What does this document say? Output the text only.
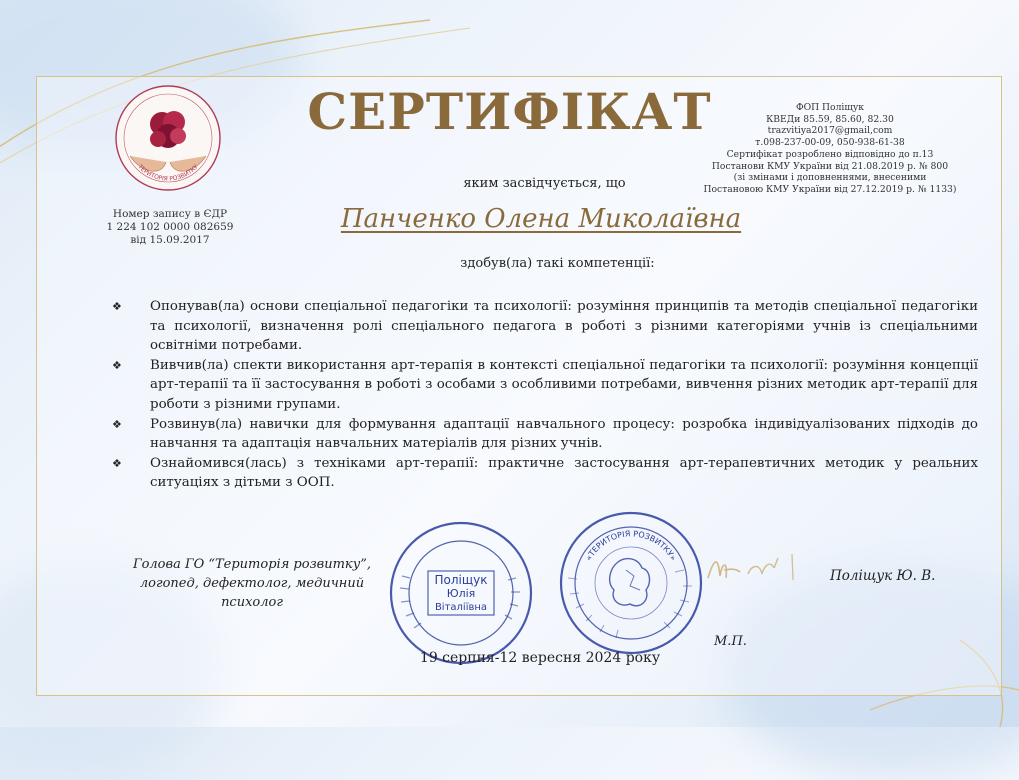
ТЕРИТОРІЯ РОЗВИТКУ
СЕРТИФІКАТ
Номер запису в ЄДР
1 224 102 0000 082659
від 15.09.2017
ФОП Поліщук
КВЕДи 85.59, 85.60, 82.30
trazvitiya2017@gmail,com
т.098-237-00-09, 050-938-61-38
Сертифікат розроблено відповідно до п.13
Постанови КМУ України від 21.08.2019 р. № 800
(зі змінами і доповненнями, внесеними
Постановою КМУ України від 27.12.2019 р. № 1133)
яким засвідчується, що
Панченко Олена Миколаївна
здобув(ла) такі компетенції:
❖ Опонував(ла) основи спеціальної педагогіки та психології: розуміння принципів та методів спеціальної педагогіки та психології, визначення ролі спеціального педагога в роботі з різними категоріями учнів із спеціальними освітніми потребами.
❖ Вивчив(ла) спекти використання арт-терапія в контексті спеціальної педагогіки та психології: розуміння концепції арт-терапії та її застосування в роботі з особами з особливими потребами, вивчення різних методик арт-терапії для роботи з різними групами.
❖ Розвинув(ла) навички для формування адаптації навчального процесу: розробка індивідуалізованих підходів до навчання та адаптація навчальних матеріалів для різних учнів.
❖ Ознайомився(лась) з техніками арт-терапії: практичне застосування арт-терапевтичних методик у реальних ситуаціях з дітьми з ООП.
Голова ГО “Територія розвитку”,
логопед, дефектолог, медичний
психолог
Поліщук
Юлія
Віталіївна
«ТЕРИТОРІЯ РОЗВИТКУ»
Поліщук Ю. В.
М.П.
19 серпня-12 вересня 2024 року
